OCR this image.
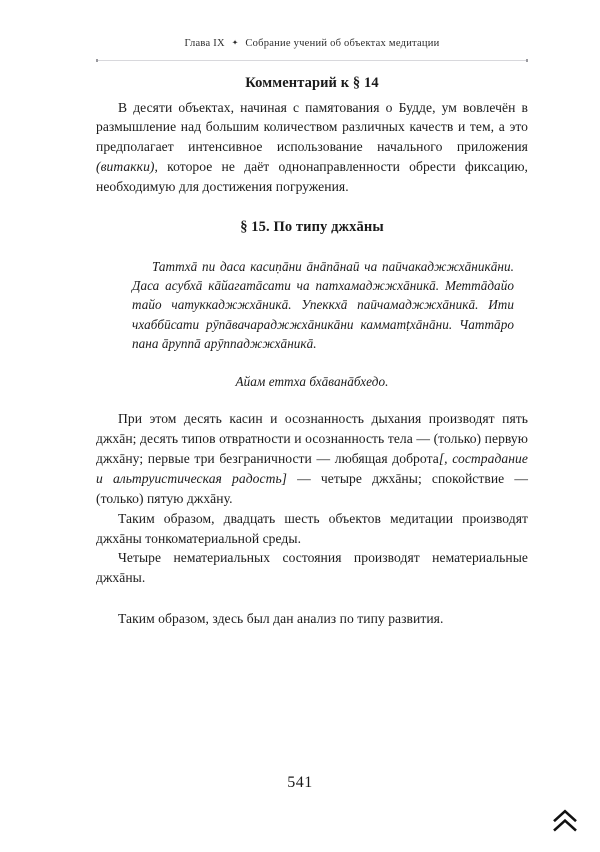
Глава IX ✦ Собрание учений об объектах медитации
Комментарий к § 14

В десяти объектах, начиная с памятования о Будде, ум вовлечён в размышление над большим количеством различных качеств и тем, а это предполагает интенсивное использование начального приложения (витакки), которое не даёт однонаправленности обрести фиксацию, необходимую для достижения погружения.

§ 15. По типу джхāны

Таттхā пи даса касиṇāни āнāпāнаӣ ча паӣчакаджжхāникāни. Даса асубхā кāйагатāсати ча патхамаджжхāникā. Меттāдайо тайо чатуккаджжхāникā. Упеккхā паӣчамаджжхāникā. Ити чхаббӣсати рӯпāвачараджжхāникāни камматṭхāнāни. Чаттāро пана āруппā арӯппаджжхāникā.

Айам еттха бхāванāбхедо.

При этом десять касин и осознанность дыхания производят пять джхāн; десять типов отвратности и осознанность тела — (только) первую джхāну; первые три безграничности — любящая доброта[, сострадание и альтруистическая радость] — четыре джхāны; спокойствие — (только) пятую джхāну.

Таким образом, двадцать шесть объектов медитации производят джхāны тонкоматериальной среды.

Четыре нематериальных состояния производят нематериальные джхāны.

Таким образом, здесь был дан анализ по типу развития.

541
